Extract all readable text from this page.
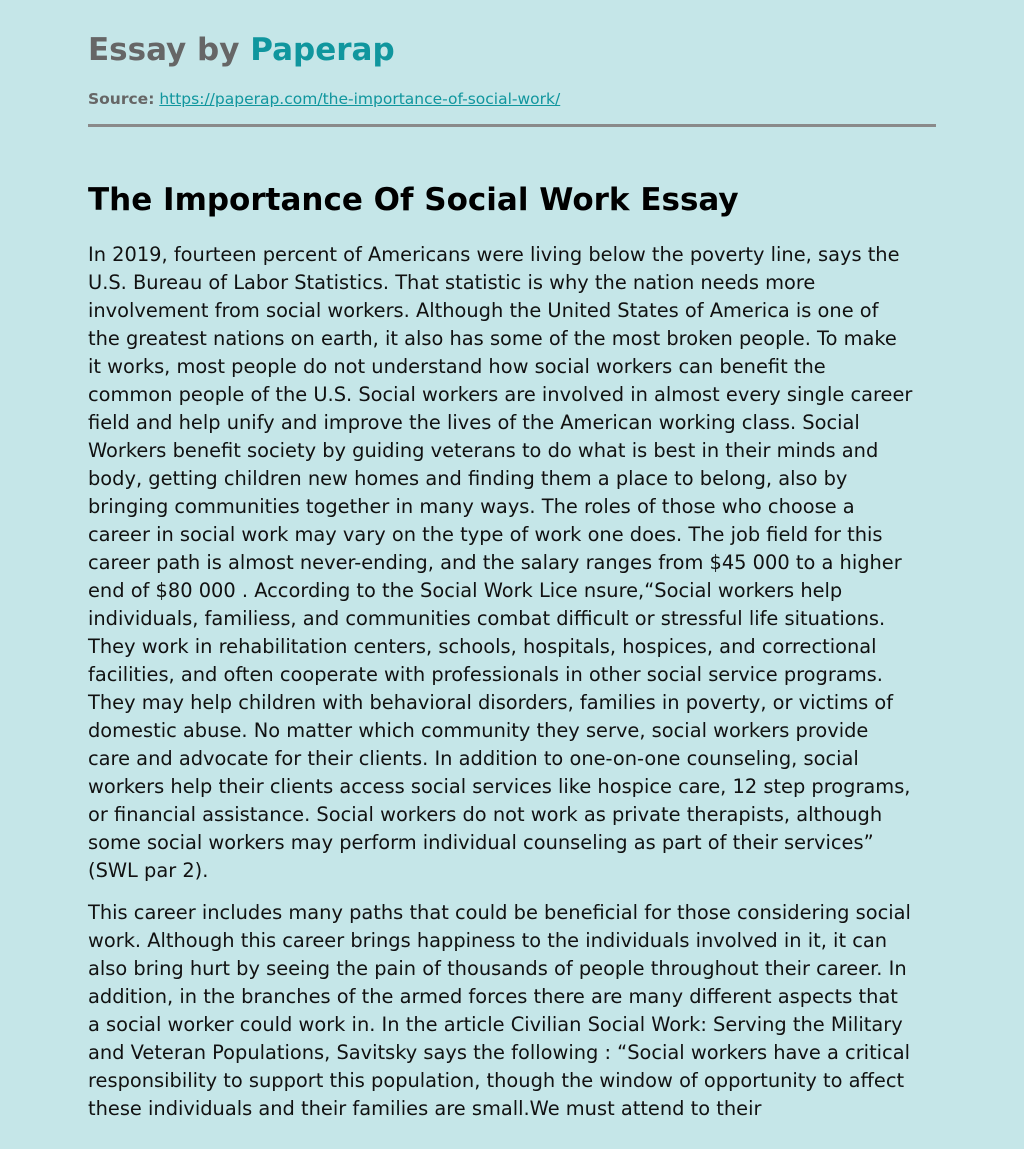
Essay by Paperap
Source: https://paperap.com/the-importance-of-social-work/
The Importance Of Social Work Essay

In 2019, fourteen percent of Americans were living below the poverty line, says the
U.S. Bureau of Labor Statistics. That statistic is why the nation needs more
involvement from social workers. Although the United States of America is one of
the greatest nations on earth, it also has some of the most broken people. To make
it works, most people do not understand how social workers can benefit the
common people of the U.S. Social workers are involved in almost every single career
field and help unify and improve the lives of the American working class. Social
Workers benefit society by guiding veterans to do what is best in their minds and
body, getting children new homes and finding them a place to belong, also by
bringing communities together in many ways. The roles of those who choose a
career in social work may vary on the type of work one does. The job field for this
career path is almost never-ending, and the salary ranges from $45 000 to a higher
end of $80 000 . According to the Social Work Lice nsure,“Social workers help
individuals, familiess, and communities combat difficult or stressful life situations.
They work in rehabilitation centers, schools, hospitals, hospices, and correctional
facilities, and often cooperate with professionals in other social service programs.
They may help children with behavioral disorders, families in poverty, or victims of
domestic abuse. No matter which community they serve, social workers provide
care and advocate for their clients. In addition to one-on-one counseling, social
workers help their clients access social services like hospice care, 12 step programs,
or financial assistance. Social workers do not work as private therapists, although
some social workers may perform individual counseling as part of their services”
(SWL par 2).

This career includes many paths that could be beneficial for those considering social
work. Although this career brings happiness to the individuals involved in it, it can
also bring hurt by seeing the pain of thousands of people throughout their career. In
addition, in the branches of the armed forces there are many different aspects that
a social worker could work in. In the article Civilian Social Work: Serving the Military
and Veteran Populations, Savitsky says the following : “Social workers have a critical
responsibility to support this population, though the window of opportunity to affect
these individuals and their families are small.We must attend to their
